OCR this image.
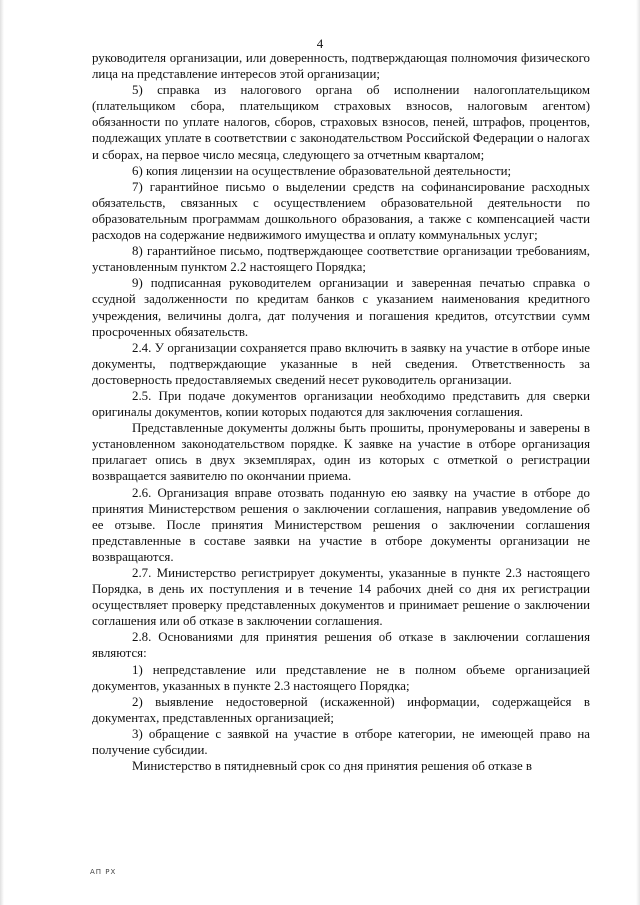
4

руководителя организации, или доверенность, подтверждающая полномочия физического лица на представление интересов этой организации;

5) справка из налогового органа об исполнении налогоплательщиком (плательщиком сбора, плательщиком страховых взносов, налоговым агентом) обязанности по уплате налогов, сборов, страховых взносов, пеней, штрафов, процентов, подлежащих уплате в соответствии с законодательством Российской Федерации о налогах и сборах, на первое число месяца, следующего за отчетным кварталом;

6) копия лицензии на осуществление образовательной деятельности;

7) гарантийное письмо о выделении средств на софинансирование расходных обязательств, связанных с осуществлением образовательной деятельности по образовательным программам дошкольного образования, а также с компенсацией части расходов на содержание недвижимого имущества и оплату коммунальных услуг;

8) гарантийное письмо, подтверждающее соответствие организации требованиям, установленным пунктом 2.2 настоящего Порядка;

9) подписанная руководителем организации и заверенная печатью справка о ссудной задолженности по кредитам банков с указанием наименования кредитного учреждения, величины долга, дат получения и погашения кредитов, отсутствии сумм просроченных обязательств.

2.4. У организации сохраняется право включить в заявку на участие в отборе иные документы, подтверждающие указанные в ней сведения. Ответственность за достоверность предоставляемых сведений несет руководитель организации.

2.5. При подаче документов организации необходимо представить для сверки оригиналы документов, копии которых подаются для заключения соглашения.

Представленные документы должны быть прошиты, пронумерованы и заверены в установленном законодательством порядке. К заявке на участие в отборе организация прилагает опись в двух экземплярах, один из которых с отметкой о регистрации возвращается заявителю по окончании приема.

2.6. Организация вправе отозвать поданную ею заявку на участие в отборе до принятия Министерством решения о заключении соглашения, направив уведомление об ее отзыве. После принятия Министерством решения о заключении соглашения представленные в составе заявки на участие в отборе документы организации не возвращаются.

2.7. Министерство регистрирует документы, указанные в пункте 2.3 настоящего Порядка, в день их поступления и в течение 14 рабочих дней со дня их регистрации осуществляет проверку представленных документов и принимает решение о заключении соглашения или об отказе в заключении соглашения.

2.8. Основаниями для принятия решения об отказе в заключении соглашения являются:

1) непредставление или представление не в полном объеме организацией документов, указанных в пункте 2.3 настоящего Порядка;

2) выявление недостоверной (искаженной) информации, содержащейся в документах, представленных организацией;

3) обращение с заявкой на участие в отборе категории, не имеющей право на получение субсидии.

Министерство в пятидневный срок со дня принятия решения об отказе в

АП РХ
